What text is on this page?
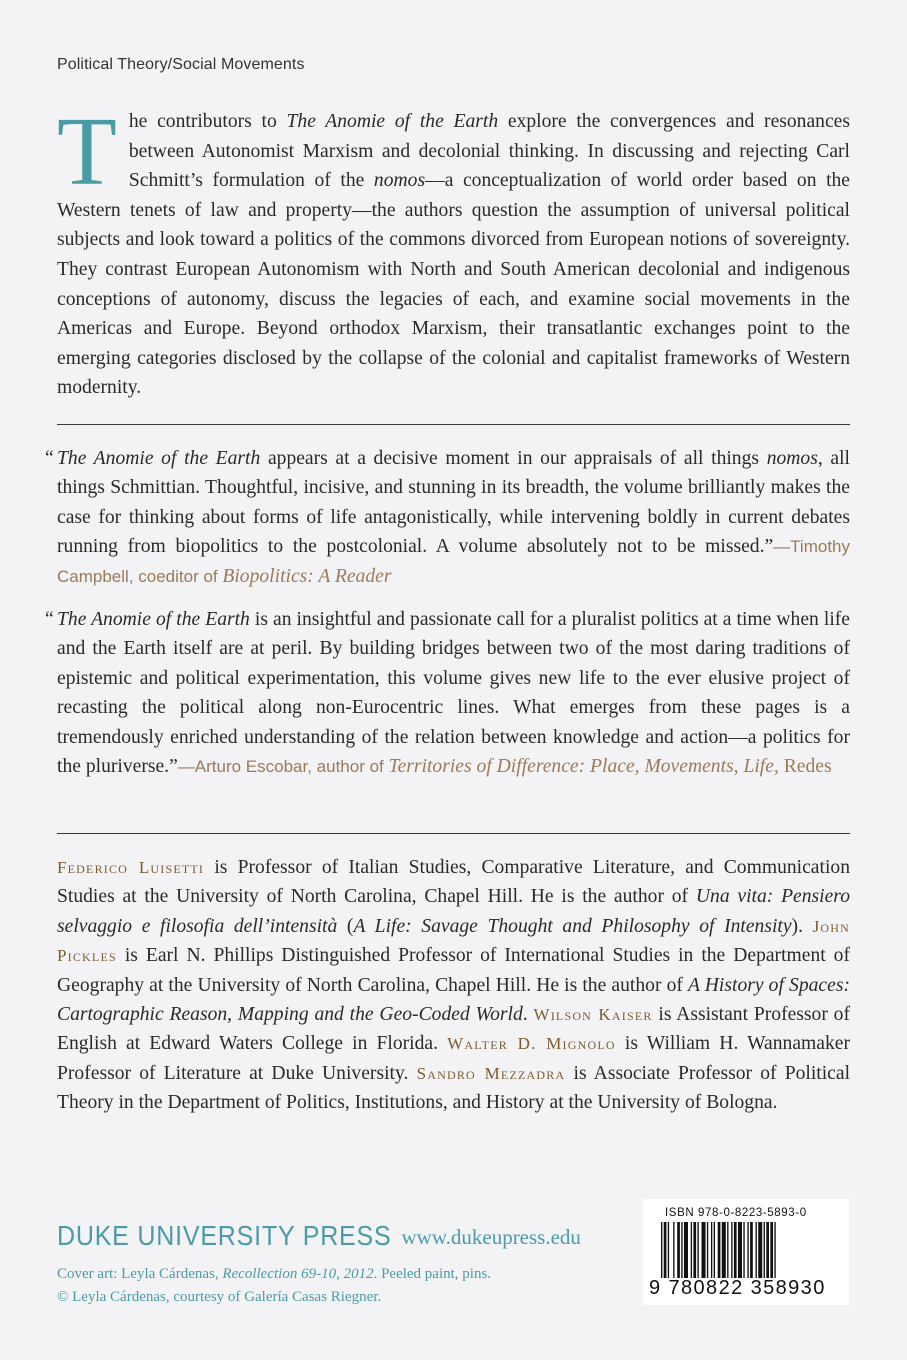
Political Theory/Social Movements
The contributors to The Anomie of the Earth explore the convergences and resonances between Autonomist Marxism and decolonial thinking. In discussing and rejecting Carl Schmitt’s formulation of the nomos—a conceptualization of world order based on the Western tenets of law and property—the authors question the assumption of universal political subjects and look toward a politics of the commons divorced from European notions of sovereignty. They contrast European Autonomism with North and South American decolonial and indigenous conceptions of autonomy, discuss the legacies of each, and examine social movements in the Americas and Europe. Beyond orthodox Marxism, their transatlantic exchanges point to the emerging categories disclosed by the collapse of the colonial and capitalist frameworks of Western modernity.
“ The Anomie of the Earth appears at a decisive moment in our appraisals of all things nomos, all things Schmittian. Thoughtful, incisive, and stunning in its breadth, the volume brilliantly makes the case for thinking about forms of life antagonistically, while intervening boldly in current debates running from biopolitics to the postcolonial. A volume absolutely not to be missed.”—Timothy Campbell, coeditor of Biopolitics: A Reader
“ The Anomie of the Earth is an insightful and passionate call for a pluralist politics at a time when life and the Earth itself are at peril. By building bridges between two of the most daring traditions of epistemic and political experimentation, this volume gives new life to the ever elusive project of recasting the political along non-Eurocentric lines. What emerges from these pages is a tremendously enriched understanding of the relation between knowledge and action—a politics for the pluriverse.”—Arturo Escobar, author of Territories of Difference: Place, Movements, Life, Redes
Federico Luisetti is Professor of Italian Studies, Comparative Literature, and Communication Studies at the University of North Carolina, Chapel Hill. He is the author of Una vita: Pensiero selvaggio e filosofia dell’intensità (A Life: Savage Thought and Philosophy of Intensity). John Pickles is Earl N. Phillips Distinguished Professor of International Studies in the Department of Geography at the University of North Carolina, Chapel Hill. He is the author of A History of Spaces: Cartographic Reason, Mapping and the Geo-Coded World. Wilson Kaiser is Assistant Professor of English at Edward Waters College in Florida. Walter D. Mignolo is William H. Wannamaker Professor of Literature at Duke University. Sandro Mezzadra is Associate Professor of Political Theory in the Department of Politics, Institutions, and History at the University of Bologna.
DUKE UNIVERSITY PRESS www.dukeupress.edu
Cover art: Leyla Cárdenas, Recollection 69-10, 2012. Peeled paint, pins.
© Leyla Cárdenas, courtesy of Galería Casas Riegner.
ISBN 978-0-8223-5893-0
9 780822 358930
